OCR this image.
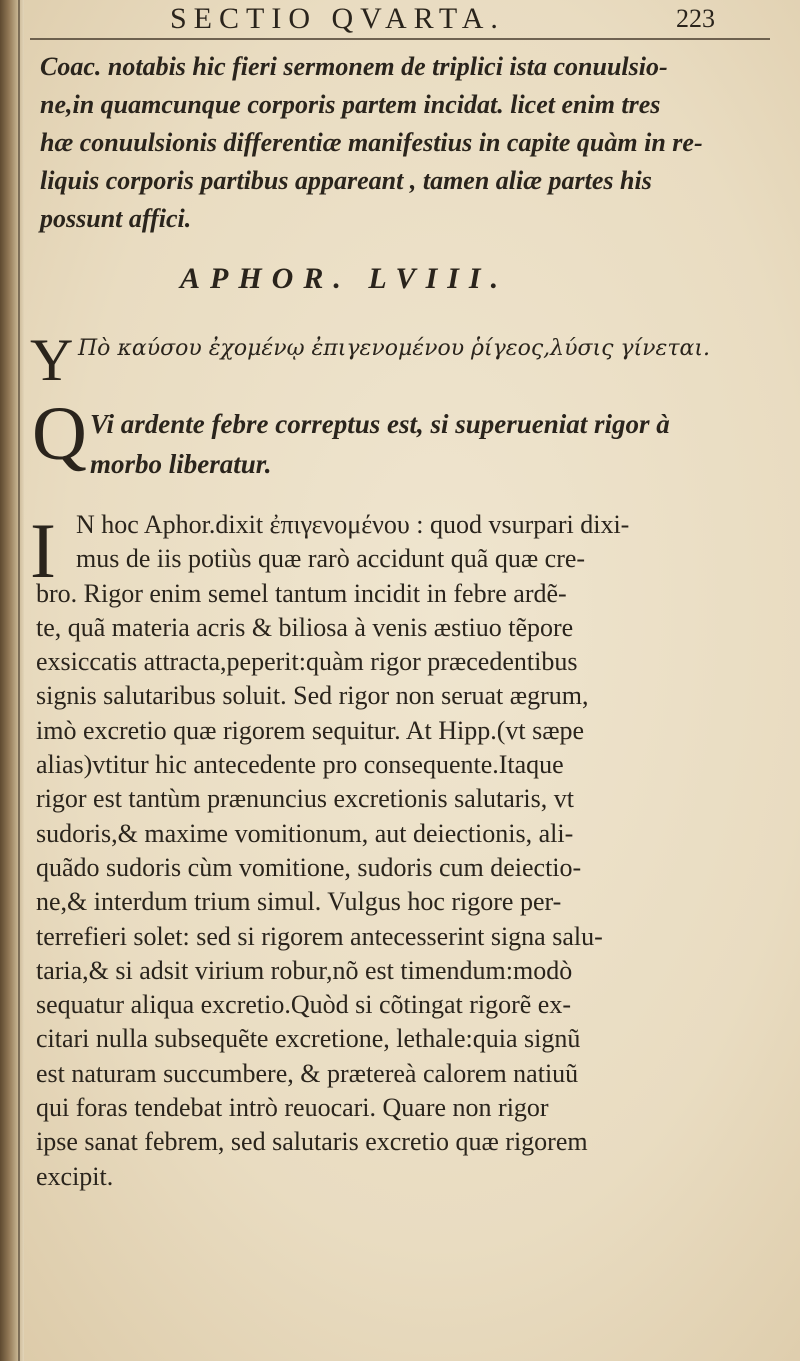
SECTIO QVARTA.	223
Coac. notabis hic fieri sermonem de triplici ista conuulsio-
ne,in quamcunque corporis partem incidat. licet enim tres
hæ conuulsionis differentiæ manifestius in capite quàm in re-
liquis corporis partibus appareant , tamen aliæ partes his
possunt affici.
APHOR. LVIII.
Y Πὸ καύσου ἐχομένῳ ἐπιγενομένου ῥίγεος,λύσις γίνεται.
Q Vi ardente febre correptus est, si superueniat rigor à
morbo liberatur.
I N hoc Aphor.dixit ἐπιγενομένου : quod vsurpari dixi-
mus de iis potiùs quæ rarò accidunt quã quæ cre-
bro. Rigor enim semel tantum incidit in febre ardẽ-
te, quã materia acris & biliosa à venis æstiuo tẽpore
exsiccatis attracta,peperit:quàm rigor præcedentibus
signis salutaribus soluit. Sed rigor non seruat ægrum,
imò excretio quæ rigorem sequitur. At Hipp.(vt sæpe
alias)vtitur hic antecedente pro consequente.Itaque
rigor est tantùm prænuncius excretionis salutaris, vt
sudoris,& maxime vomitionum, aut deiectionis, ali-
quãdo sudoris cùm vomitione, sudoris cum deiectio-
ne,& interdum trium simul. Vulgus hoc rigore per-
terrefieri solet: sed si rigorem antecesserint signa salu-
taria,& si adsit virium robur,nõ est timendum:modò
sequatur aliqua excretio.Quòd si cõtingat rigorẽ ex-
citari nulla subsequẽte excretione, lethale:quia signũ
est naturam succumbere, & prætereà calorem natiuũ
qui foras tendebat intrò reuocari. Quare non rigor
ipse sanat febrem, sed salutaris excretio quæ rigorem
excipit.
